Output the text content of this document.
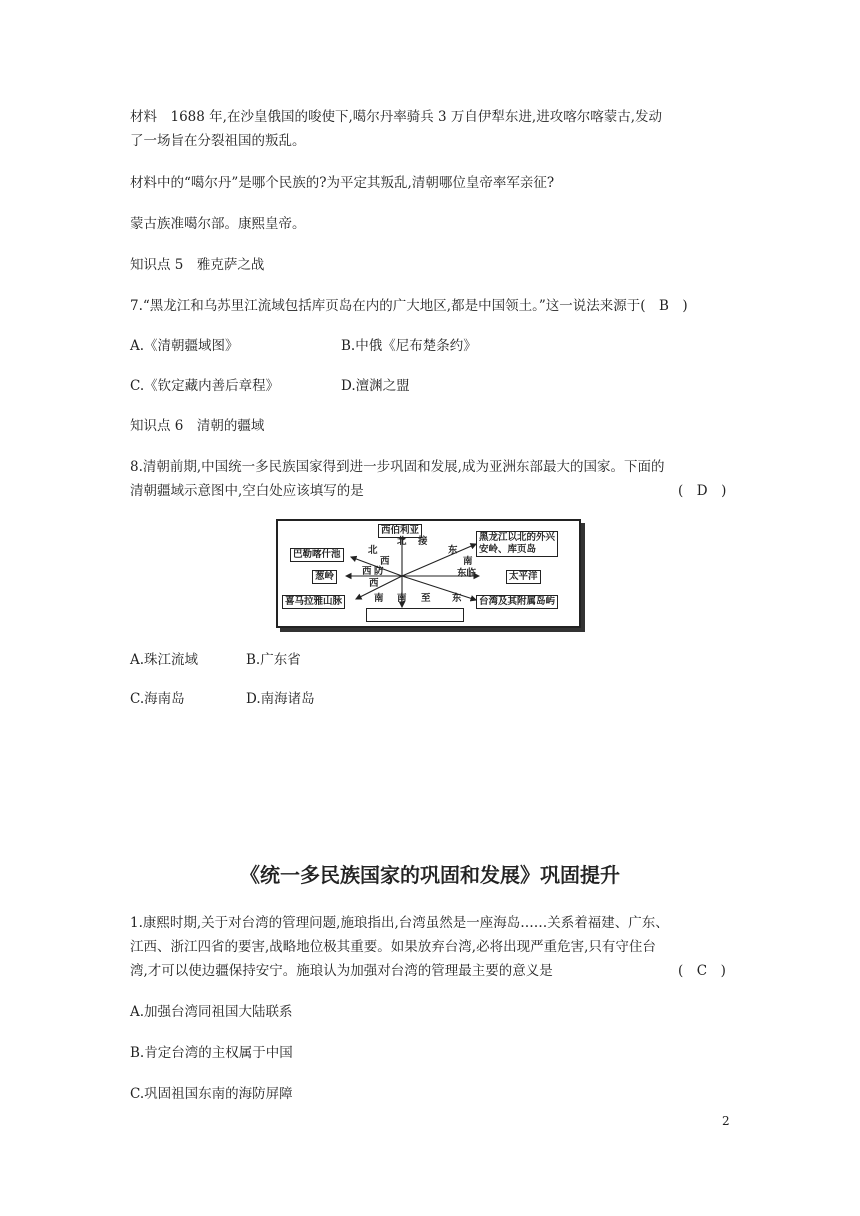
材料　1688 年,在沙皇俄国的唆使下,噶尔丹率骑兵 3 万自伊犁东进,进攻喀尔喀蒙古,发动
了一场旨在分裂祖国的叛乱。
材料中的“噶尔丹”是哪个民族的?为平定其叛乱,清朝哪位皇帝率军亲征?
蒙古族准噶尔部。康熙皇帝。
知识点 5　雅克萨之战
7.“黑龙江和乌苏里江流域包括库页岛在内的广大地区,都是中国领土。”这一说法来源于(　B　)
A.《清朝疆域图》	B.中俄《尼布楚条约》
C.《钦定藏内善后章程》	D.澶渊之盟
知识点 6　清朝的疆域
8.清朝前期,中国统一多民族国家得到进一步巩固和发展,成为亚洲东部最大的国家。下面的
清朝疆域示意图中,空白处应该填写的是	(　D　)
西伯利亚
巴勒喀什池
葱岭
喜马拉雅山脉
黑龙江以北的外兴
安岭、库页岛
太平洋
台湾及其附属岛屿
北
北 接
东
西
西 防
西
南
东临
南 南 至 东
A.珠江流域	B.广东省
C.海南岛	D.南海诸岛
《统一多民族国家的巩固和发展》巩固提升
1.康熙时期,关于对台湾的管理问题,施琅指出,台湾虽然是一座海岛……关系着福建、广东、
江西、浙江四省的要害,战略地位极其重要。如果放弃台湾,必将出现严重危害,只有守住台
湾,才可以使边疆保持安宁。施琅认为加强对台湾的管理最主要的意义是	(　C　)
A.加强台湾同祖国大陆联系
B.肯定台湾的主权属于中国
C.巩固祖国东南的海防屏障
2
